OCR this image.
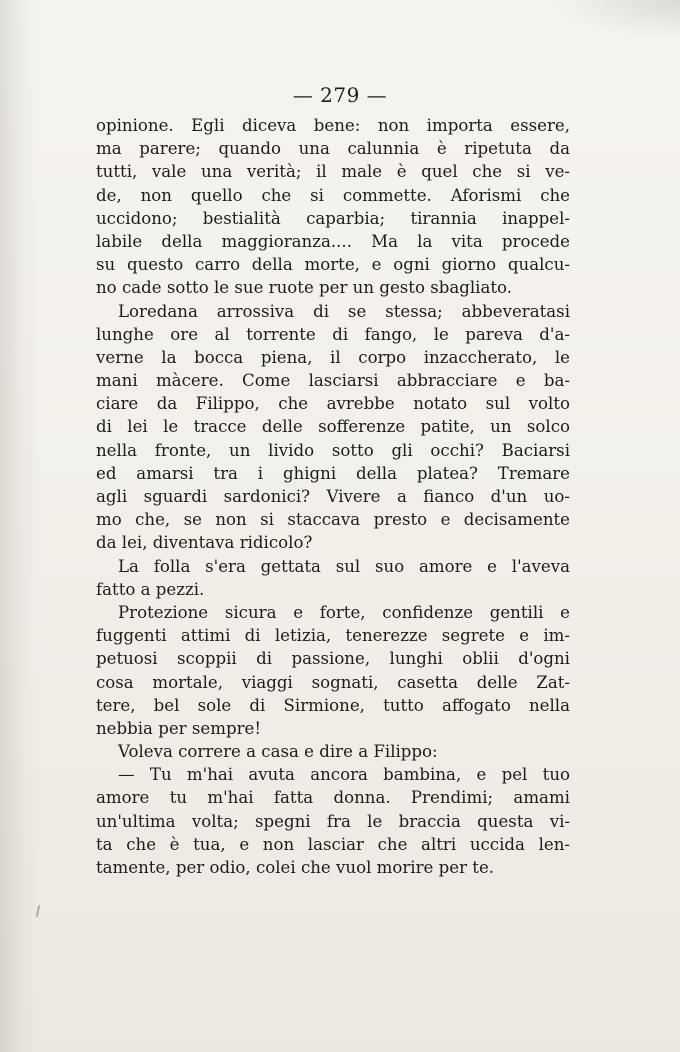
— 279 —
opinione. Egli diceva bene: non importa essere,
ma parere; quando una calunnia è ripetuta da
tutti, vale una verità; il male è quel che si ve-
de, non quello che si commette. Aforismi che
uccidono; bestialità caparbia; tirannia inappel-
labile della maggioranza.... Ma la vita procede
su questo carro della morte, e ogni giorno qualcu-
no cade sotto le sue ruote per un gesto sbagliato.
Loredana arrossiva di se stessa; abbeveratasi
lunghe ore al torrente di fango, le pareva d'a-
verne la bocca piena, il corpo inzaccherato, le
mani màcere. Come lasciarsi abbracciare e ba-
ciare da Filippo, che avrebbe notato sul volto
di lei le tracce delle sofferenze patite, un solco
nella fronte, un livido sotto gli occhi? Baciarsi
ed amarsi tra i ghigni della platea? Tremare
agli sguardi sardonici? Vivere a fianco d'un uo-
mo che, se non si staccava presto e decisamente
da lei, diventava ridicolo?
La folla s'era gettata sul suo amore e l'aveva
fatto a pezzi.
Protezione sicura e forte, confidenze gentili e
fuggenti attimi di letizia, tenerezze segrete e im-
petuosi scoppii di passione, lunghi oblii d'ogni
cosa mortale, viaggi sognati, casetta delle Zat-
tere, bel sole di Sirmione, tutto affogato nella
nebbia per sempre!
Voleva correre a casa e dire a Filippo:
— Tu m'hai avuta ancora bambina, e pel tuo
amore tu m'hai fatta donna. Prendimi; amami
un'ultima volta; spegni fra le braccia questa vi-
ta che è tua, e non lasciar che altri uccida len-
tamente, per odio, colei che vuol morire per te.
